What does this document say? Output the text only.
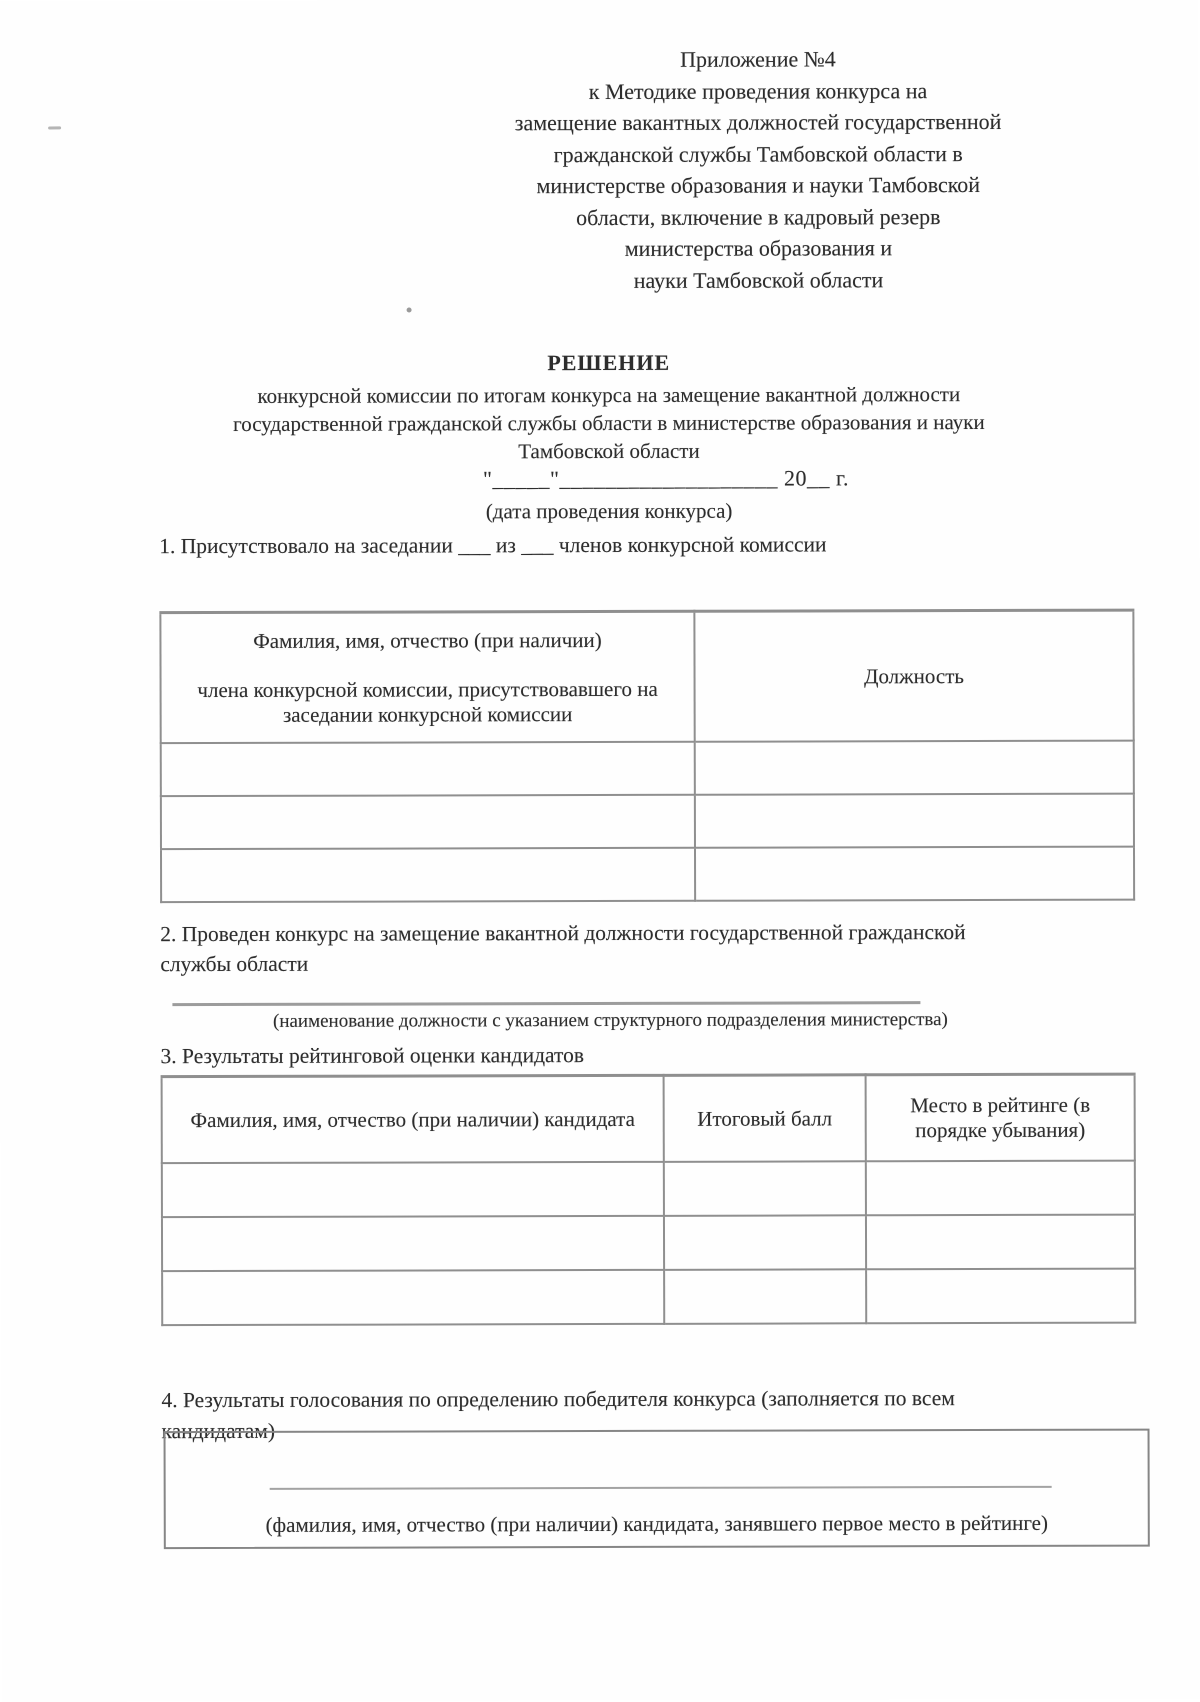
Приложение №4
к Методике проведения конкурса на
замещение вакантных должностей государственной
гражданской службы Тамбовской области в
министерстве образования и науки Тамбовской
области, включение в кадровый резерв
министерства образования и
науки Тамбовской области
РЕШЕНИЕ
конкурсной комиссии по итогам конкурса на замещение вакантной должности
государственной гражданской службы области в министерстве образования и науки
Тамбовской области
"_____"___________________ 20__ г.
(дата проведения конкурса)
1. Присутствовало на заседании ___ из ___ членов конкурсной комиссии
Фамилия, имя, отчество (при наличии)
члена конкурсной комиссии, присутствовавшего на заседании конкурсной комиссии	Должность

2. Проведен конкурс на замещение вакантной должности государственной гражданской службы области
(наименование должности с указанием структурного подразделения министерства)
3. Результаты рейтинговой оценки кандидатов
Фамилия, имя, отчество (при наличии) кандидата	Итоговый балл	Место в рейтинге (в порядке убывания)

4. Результаты голосования по определению победителя конкурса (заполняется по всем кандидатам)
(фамилия, имя, отчество (при наличии) кандидата, занявшего первое место в рейтинге)
